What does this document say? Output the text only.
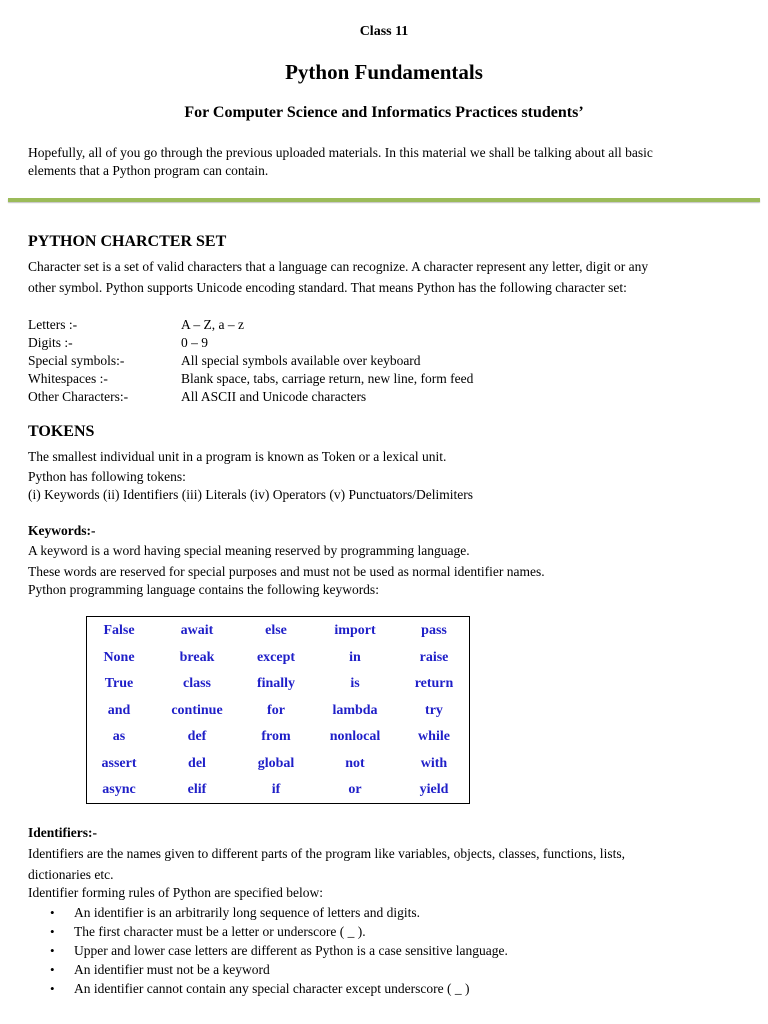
Class 11
Python Fundamentals
For Computer Science and Informatics Practices students’
Hopefully, all of you go through the previous uploaded materials. In this material we shall be talking about all basic
elements that a Python program can contain.
PYTHON CHARCTER SET
Character set is a set of valid characters that a language can recognize. A character represent any letter, digit or any
other symbol. Python supports Unicode encoding standard. That means Python has the following character set:
Letters :-	A – Z, a – z
Digits :-	0 – 9
Special symbols:-	All special symbols available over keyboard
Whitespaces :-	Blank space, tabs, carriage return, new line, form feed
Other Characters:-	All ASCII and Unicode characters
TOKENS
The smallest individual unit in a program is known as Token or a lexical unit.
Python has following tokens:
(i) Keywords (ii) Identifiers (iii) Literals (iv) Operators (v) Punctuators/Delimiters
Keywords:-
A keyword is a word having special meaning reserved by programming language.
These words are reserved for special purposes and must not be used as normal identifier names.
Python programming language contains the following keywords:
False	await	else	import	pass
None	break	except	in	raise
True	class	finally	is	return
and	continue	for	lambda	try
as	def	from	nonlocal	while
assert	del	global	not	with
async	elif	if	or	yield
Identifiers:-
Identifiers are the names given to different parts of the program like variables, objects, classes, functions, lists,
dictionaries etc.
Identifier forming rules of Python are specified below:
• An identifier is an arbitrarily long sequence of letters and digits.
• The first character must be a letter or underscore ( _ ).
• Upper and lower case letters are different as Python is a case sensitive language.
• An identifier must not be a keyword
• An identifier cannot contain any special character except underscore ( _ )
